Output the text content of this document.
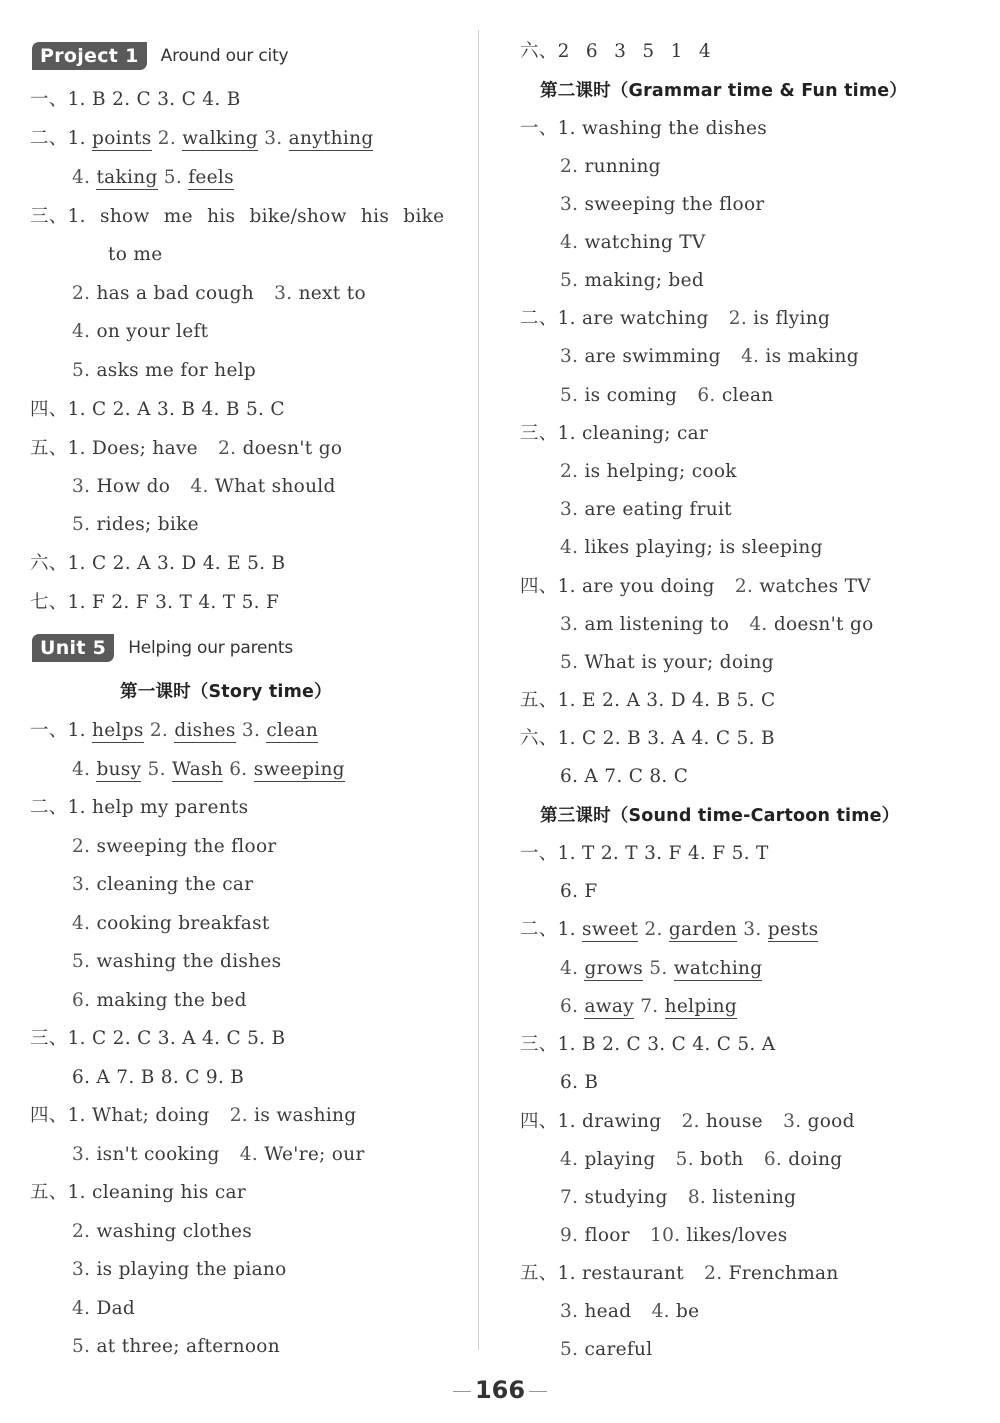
Project 1 Around our city
一、1. B 2. C 3. C 4. B
二、1. points 2. walking 3. anything
4. taking 5. feels
三、1. show me his bike/show his bike
to me
2. has a bad cough 3. next to
4. on your left
5. asks me for help
四、1. C 2. A 3. B 4. B 5. C
五、1. Does; have 2. doesn't go
3. How do 4. What should
5. rides; bike
六、1. C 2. A 3. D 4. E 5. B
七、1. F 2. F 3. T 4. T 5. F
Unit 5 Helping our parents
第一课时（Story time）
一、1. helps 2. dishes 3. clean
4. busy 5. Wash 6. sweeping
二、1. help my parents
2. sweeping the floor
3. cleaning the car
4. cooking breakfast
5. washing the dishes
6. making the bed
三、1. C 2. C 3. A 4. C 5. B
6. A 7. B 8. C 9. B
四、1. What; doing 2. is washing
3. isn't cooking 4. We're; our
五、1. cleaning his car
2. washing clothes
3. is playing the piano
4. Dad
5. at three; afternoon
六、2 6 3 5 1 4
第二课时（Grammar time & Fun time）
一、1. washing the dishes
2. running
3. sweeping the floor
4. watching TV
5. making; bed
二、1. are watching 2. is flying
3. are swimming 4. is making
5. is coming 6. clean
三、1. cleaning; car
2. is helping; cook
3. are eating fruit
4. likes playing; is sleeping
四、1. are you doing 2. watches TV
3. am listening to 4. doesn't go
5. What is your; doing
五、1. E 2. A 3. D 4. B 5. C
六、1. C 2. B 3. A 4. C 5. B
6. A 7. C 8. C
第三课时（Sound time-Cartoon time）
一、1. T 2. T 3. F 4. F 5. T
6. F
二、1. sweet 2. garden 3. pests
4. grows 5. watching
6. away 7. helping
三、1. B 2. C 3. C 4. C 5. A
6. B
四、1. drawing 2. house 3. good
4. playing 5. both 6. doing
7. studying 8. listening
9. floor 10. likes/loves
五、1. restaurant 2. Frenchman
3. head 4. be
5. careful
166
